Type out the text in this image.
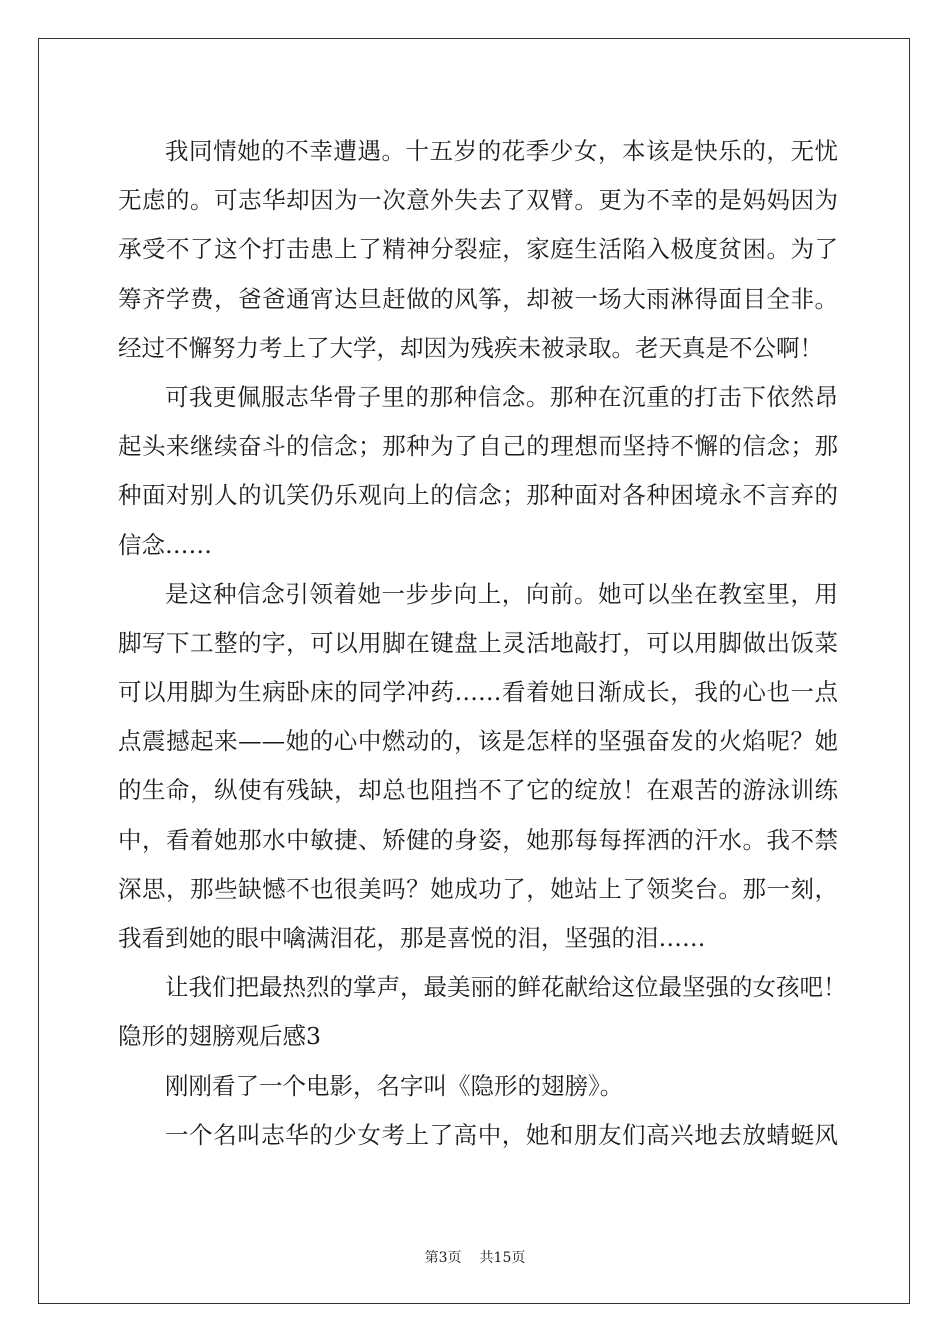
我同情她的不幸遭遇。十五岁的花季少女，本该是快乐的，无忧
无虑的。可志华却因为一次意外失去了双臂。更为不幸的是妈妈因为
承受不了这个打击患上了精神分裂症，家庭生活陷入极度贫困。为了
筹齐学费，爸爸通宵达旦赶做的风筝，却被一场大雨淋得面目全非。
经过不懈努力考上了大学，却因为残疾未被录取。老天真是不公啊！
可我更佩服志华骨子里的那种信念。那种在沉重的打击下依然昂
起头来继续奋斗的信念；那种为了自己的理想而坚持不懈的信念；那
种面对别人的讥笑仍乐观向上的信念；那种面对各种困境永不言弃的
信念……
是这种信念引领着她一步步向上，向前。她可以坐在教室里，用
脚写下工整的字，可以用脚在键盘上灵活地敲打，可以用脚做出饭菜
可以用脚为生病卧床的同学冲药……看着她日渐成长，我的心也一点
点震撼起来——她的心中燃动的，该是怎样的坚强奋发的火焰呢？她
的生命，纵使有残缺，却总也阻挡不了它的绽放！在艰苦的游泳训练
中，看着她那水中敏捷、矫健的身姿，她那每每挥洒的汗水。我不禁
深思，那些缺憾不也很美吗？她成功了，她站上了领奖台。那一刻，
我看到她的眼中噙满泪花，那是喜悦的泪，坚强的泪……
让我们把最热烈的掌声，最美丽的鲜花献给这位最坚强的女孩吧！
隐形的翅膀观后感3
刚刚看了一个电影，名字叫《隐形的翅膀》。
一个名叫志华的少女考上了高中，她和朋友们高兴地去放蜻蜓风
第3页 共15页
